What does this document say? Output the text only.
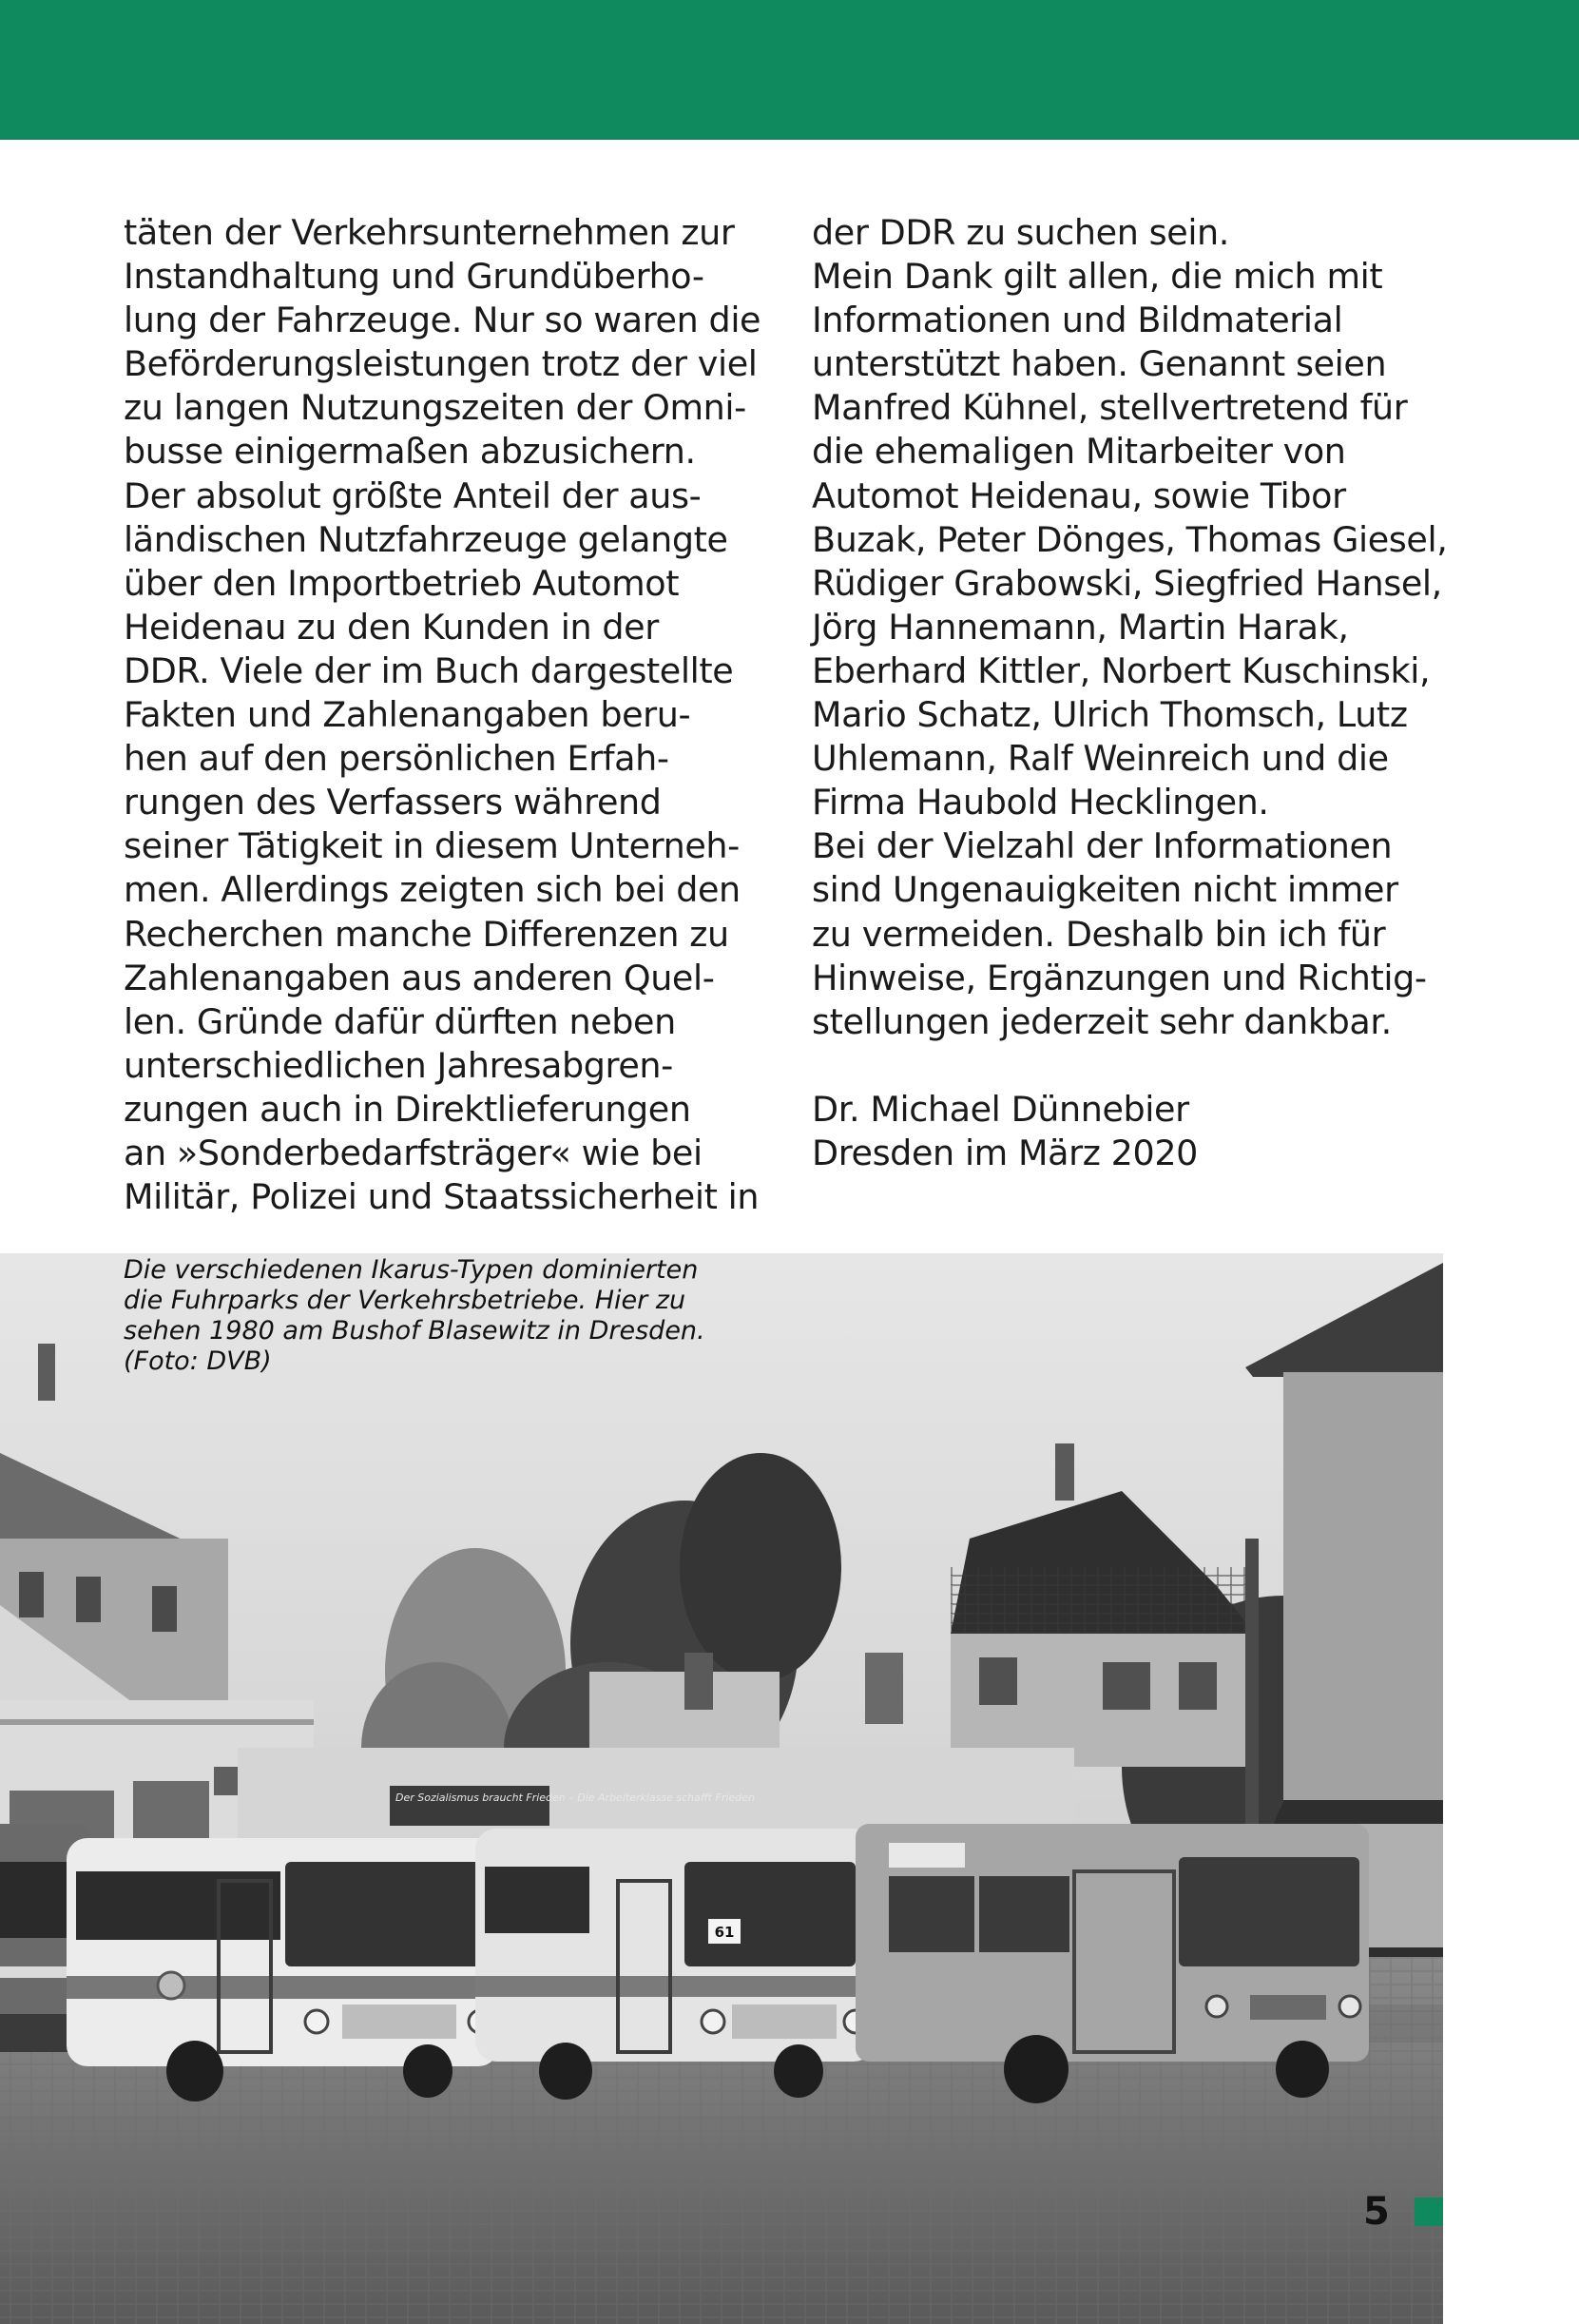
täten der Verkehrsunternehmen zur
Instandhaltung und Grundüberho-
lung der Fahrzeuge. Nur so waren die
Beförderungsleistungen trotz der viel
zu langen Nutzungszeiten der Omni-
busse einigermaßen abzusichern.
Der absolut größte Anteil der aus-
ländischen Nutzfahrzeuge gelangte
über den Importbetrieb Automot
Heidenau zu den Kunden in der
DDR. Viele der im Buch dargestellte
Fakten und Zahlenangaben beru-
hen auf den persönlichen Erfah-
rungen des Verfassers während
seiner Tätigkeit in diesem Unterneh-
men. Allerdings zeigten sich bei den
Recherchen manche Differenzen zu
Zahlenangaben aus anderen Quel-
len. Gründe dafür dürften neben
unterschiedlichen Jahresabgren-
zungen auch in Direktlieferungen
an »Sonderbedarfsträger« wie bei
Militär, Polizei und Staatssicherheit in

der DDR zu suchen sein.
Mein Dank gilt allen, die mich mit
Informationen und Bildmaterial
unterstützt haben. Genannt seien
Manfred Kühnel, stellvertretend für
die ehemaligen Mitarbeiter von
Automot Heidenau, sowie Tibor
Buzak, Peter Dönges, Thomas Giesel,
Rüdiger Grabowski, Siegfried Hansel,
Jörg Hannemann, Martin Harak,
Eberhard Kittler, Norbert Kuschinski,
Mario Schatz, Ulrich Thomsch, Lutz
Uhlemann, Ralf Weinreich und die
Firma Haubold Hecklingen.
Bei der Vielzahl der Informationen
sind Ungenauigkeiten nicht immer
zu vermeiden. Deshalb bin ich für
Hinweise, Ergänzungen und Richtig-
stellungen jederzeit sehr dankbar.

Dr. Michael Dünnebier
Dresden im März 2020

Der Sozialismus braucht Frieden – Die Arbeiterklasse schafft Frieden
61
Die verschiedenen Ikarus-Typen dominierten
die Fuhrparks der Verkehrsbetriebe. Hier zu
sehen 1980 am Bushof Blasewitz in Dresden.
(Foto: DVB)
5
